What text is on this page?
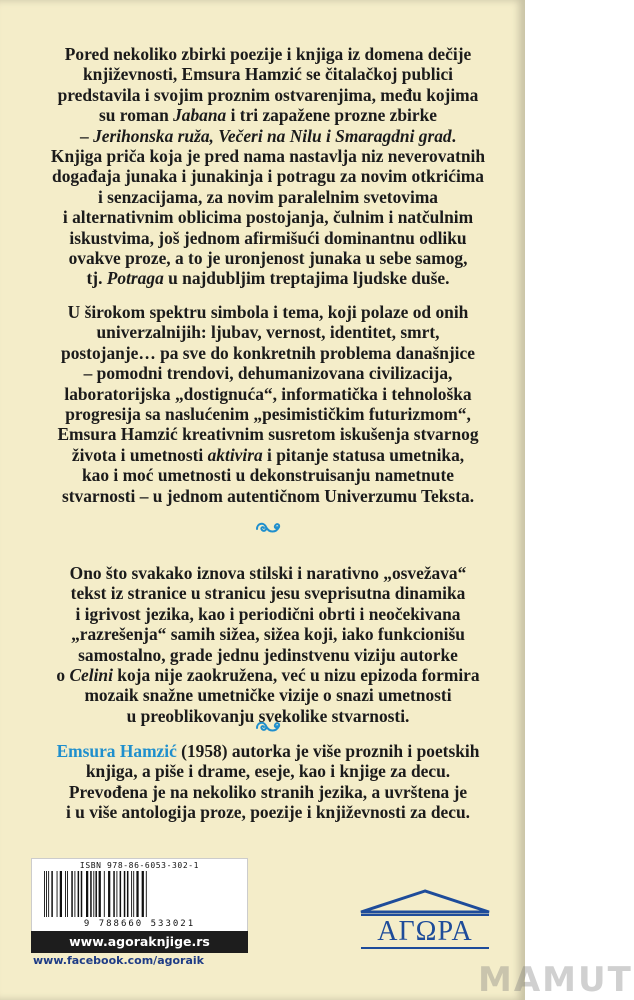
Pored nekoliko zbirki poezije i knjiga iz domena dečije
književnosti, Emsura Hamzić se čitalačkoj publici
predstavila i svojim proznim ostvarenjima, među kojima
su roman Jabana i tri zapažene prozne zbirke
– Jerihonska ruža, Večeri na Nilu i Smaragdni grad.
Knjiga priča koja je pred nama nastavlja niz neverovatnih
događaja junaka i junakinja i potragu za novim otkrićima
i senzacijama, za novim paralelnim svetovima
i alternativnim oblicima postojanja, čulnim i natčulnim
iskustvima, još jednom afirmišući dominantnu odliku
ovakve proze, a to je uronjenost junaka u sebe samog,
tj. Potraga u najdubljim treptajima ljudske duše.
U širokom spektru simbola i tema, koji polaze od onih
univerzalnijih: ljubav, vernost, identitet, smrt,
postojanje… pa sve do konkretnih problema današnjice
– pomodni trendovi, dehumanizovana civilizacija,
laboratorijska „dostignuća“, informatička i tehnološka
progresija sa naslućenim „pesimističkim futurizmom“,
Emsura Hamzić kreativnim susretom iskušenja stvarnog
života i umetnosti aktivira i pitanje statusa umetnika,
kao i moć umetnosti u dekonstruisanju nametnute
stvarnosti – u jednom autentičnom Univerzumu Teksta.
Ono što svakako iznova stilski i narativno „osvežava“
tekst iz stranice u stranicu jesu sveprisutna dinamika
i igrivost jezika, kao i periodični obrti i neočekivana
„razrešenja“ samih sižea, sižea koji, iako funkcionišu
samostalno, grade jednu jedinstvenu viziju autorke
o Celini koja nije zaokružena, već u nizu epizoda formira
mozaik snažne umetničke vizije o snazi umetnosti
u preoblikovanju svekolike stvarnosti.
Emsura Hamzić (1958) autorka je više proznih i poetskih
knjiga, a piše i drame, eseje, kao i knjige za decu.
Prevođena je na nekoliko stranih jezika, a uvrštena je
i u više antologija proze, poezije i književnosti za decu.
ISBN 978-86-6053-302-1
9 788660 533021
www.agoraknjige.rs
www.facebook.com/agoraik
ΑΓΩΡΑ
MAMUT
